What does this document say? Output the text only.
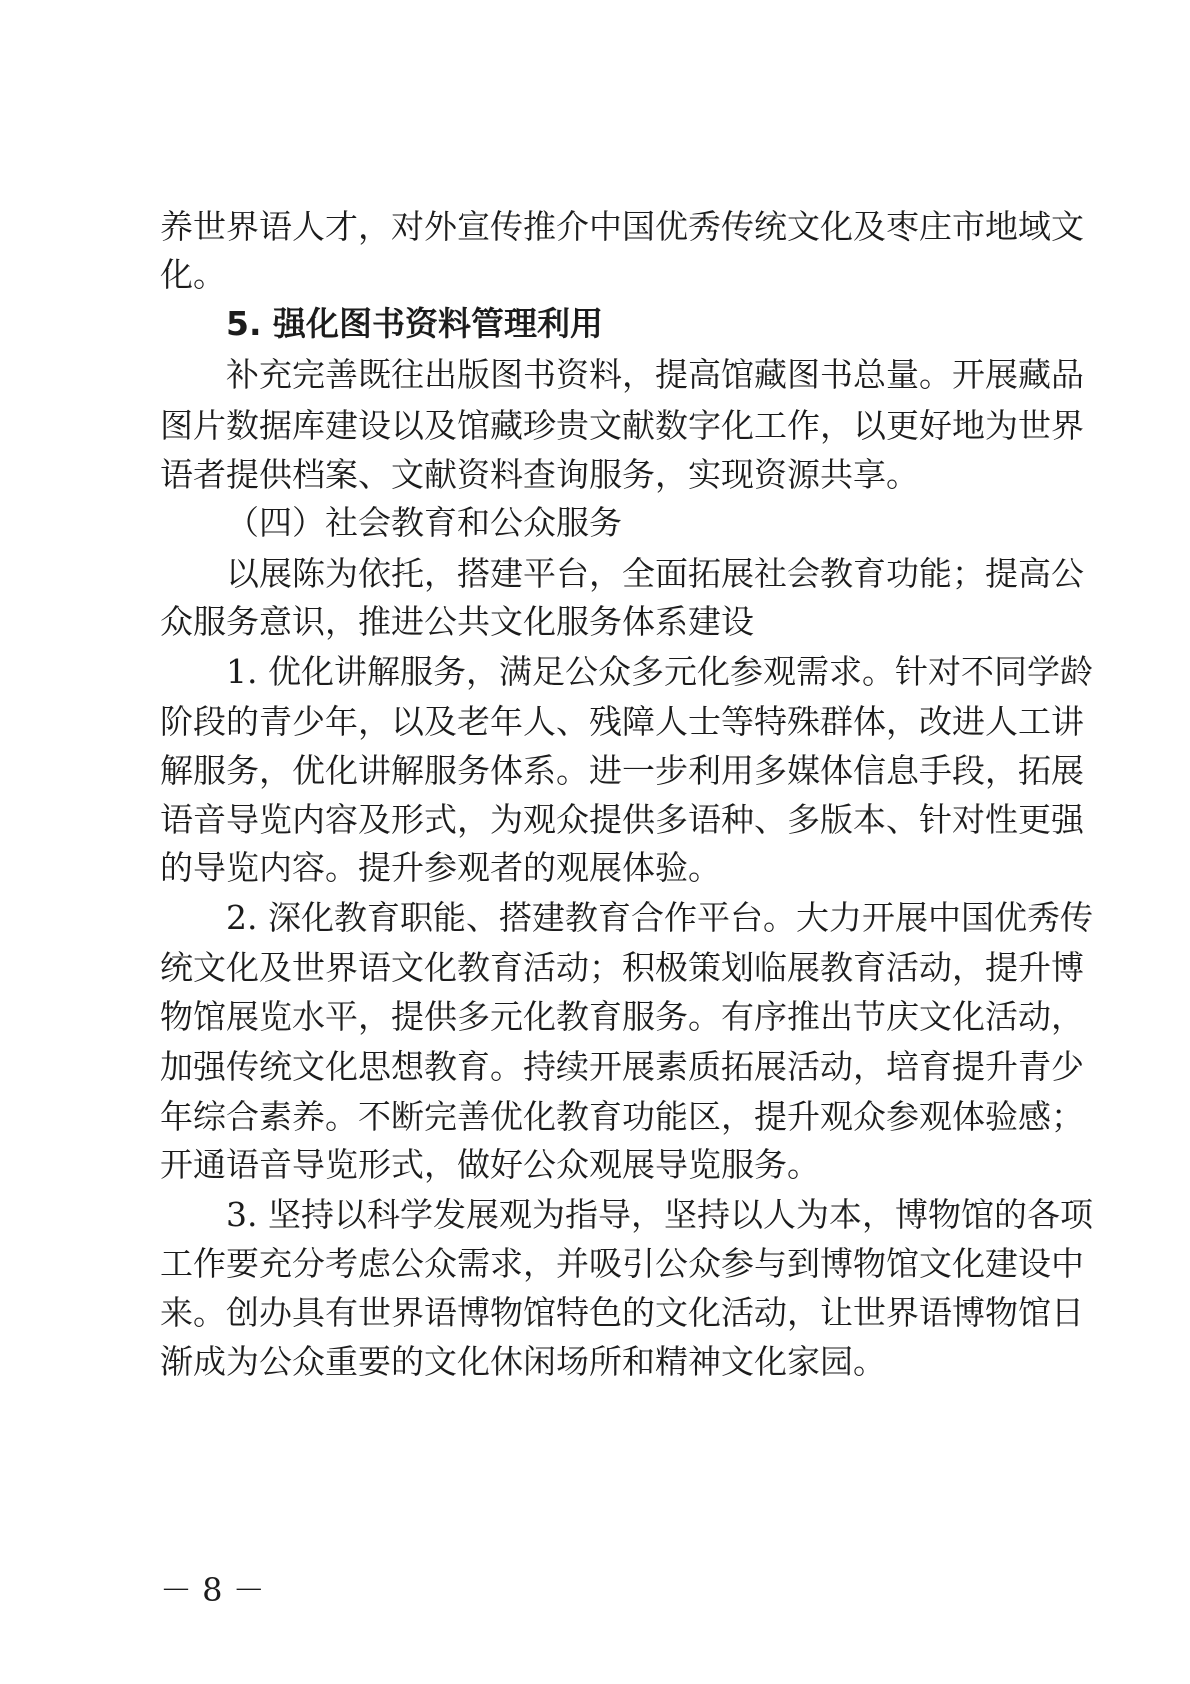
养世界语人才，对外宣传推介中国优秀传统文化及枣庄市地域文
化。
5. 强化图书资料管理利用
补充完善既往出版图书资料，提高馆藏图书总量。开展藏品
图片数据库建设以及馆藏珍贵文献数字化工作，以更好地为世界
语者提供档案、文献资料查询服务，实现资源共享。
（四）社会教育和公众服务
以展陈为依托，搭建平台，全面拓展社会教育功能；提高公
众服务意识，推进公共文化服务体系建设
1. 优化讲解服务，满足公众多元化参观需求。针对不同学龄
阶段的青少年，以及老年人、残障人士等特殊群体，改进人工讲
解服务，优化讲解服务体系。进一步利用多媒体信息手段，拓展
语音导览内容及形式，为观众提供多语种、多版本、针对性更强
的导览内容。提升参观者的观展体验。
2. 深化教育职能、搭建教育合作平台。大力开展中国优秀传
统文化及世界语文化教育活动；积极策划临展教育活动，提升博
物馆展览水平，提供多元化教育服务。有序推出节庆文化活动，
加强传统文化思想教育。持续开展素质拓展活动，培育提升青少
年综合素养。不断完善优化教育功能区，提升观众参观体验感；
开通语音导览形式，做好公众观展导览服务。
3. 坚持以科学发展观为指导，坚持以人为本，博物馆的各项
工作要充分考虑公众需求，并吸引公众参与到博物馆文化建设中
来。创办具有世界语博物馆特色的文化活动，让世界语博物馆日
渐成为公众重要的文化休闲场所和精神文化家园。
－ 8 －
